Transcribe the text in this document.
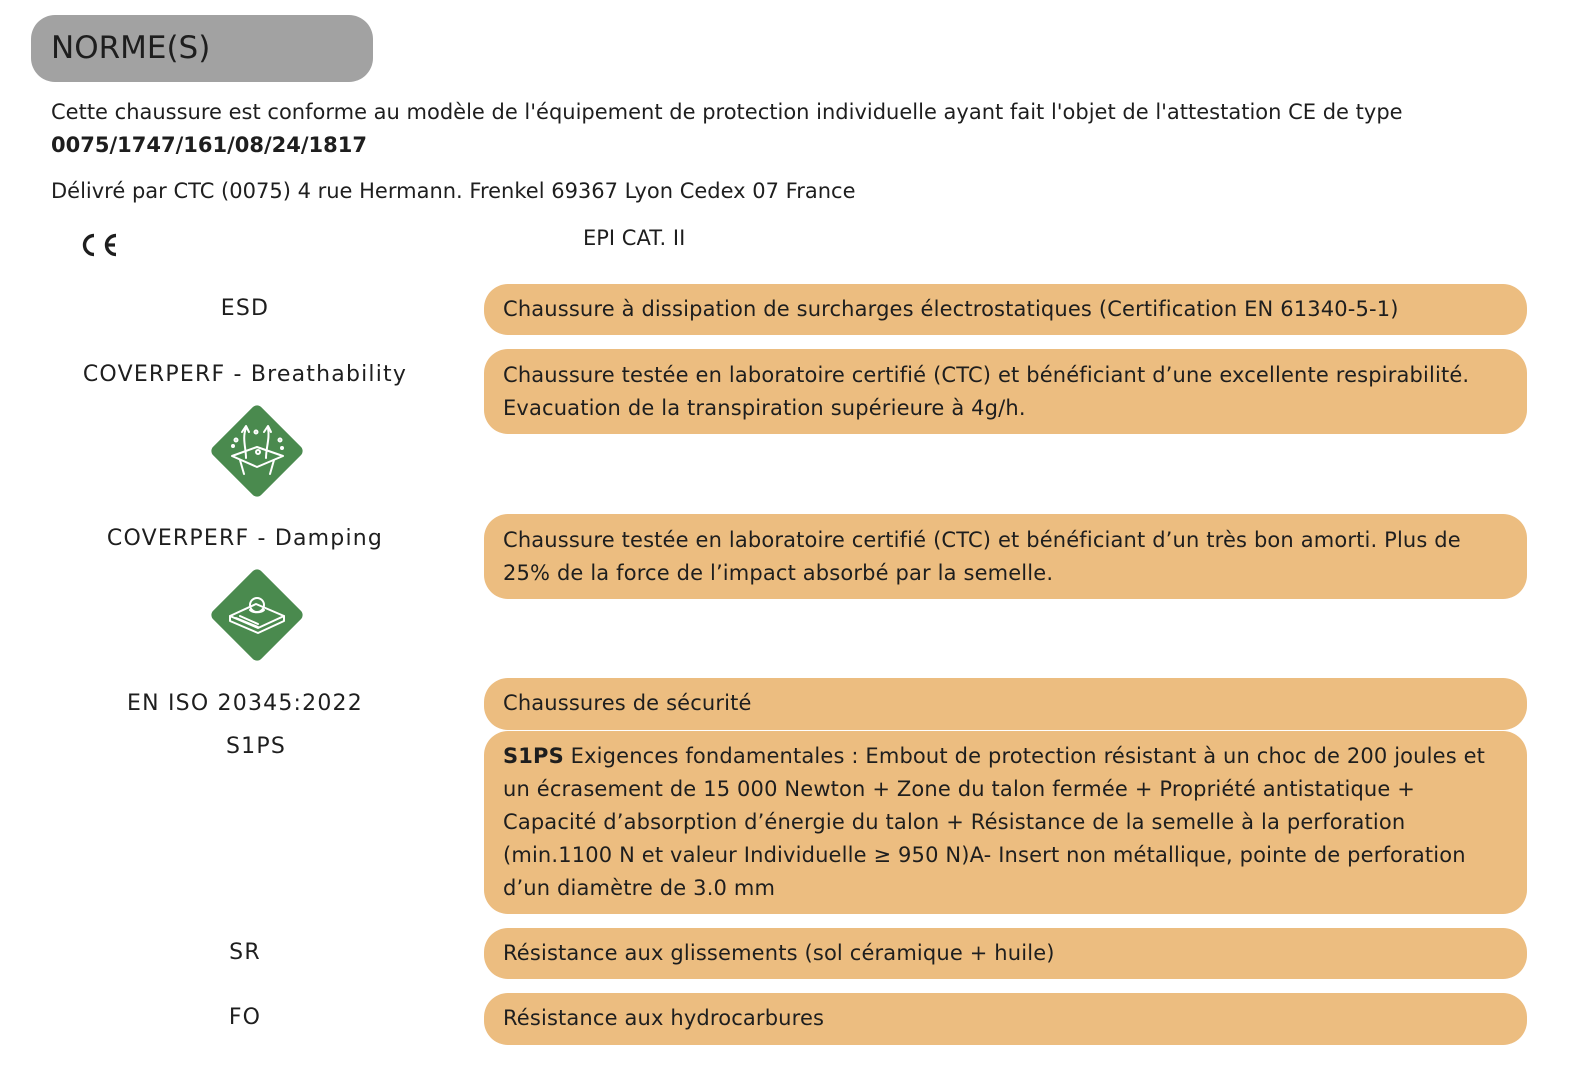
NORME(S)

Cette chaussure est conforme au modèle de l'équipement de protection individuelle ayant fait l'objet de l'attestation CE de type 0075/1747/161/08/24/1817

Délivré par CTC (0075) 4 rue Hermann. Frenkel 69367 Lyon Cedex 07 France

EPI CAT. II
ESD	Chaussure à dissipation de surcharges électrostatiques (Certification EN 61340-5-1)
COVERPERF - Breathability	Chaussure testée en laboratoire certifié (CTC) et bénéficiant d’une excellente respirabilité. Evacuation de la transpiration supérieure à 4g/h.
COVERPERF - Damping	Chaussure testée en laboratoire certifié (CTC) et bénéficiant d’un très bon amorti. Plus de 25% de la force de l’impact absorbé par la semelle.
EN ISO 20345:2022	Chaussures de sécurité
S1PS	S1PS Exigences fondamentales : Embout de protection résistant à un choc de 200 joules et un écrasement de 15 000 Newton + Zone du talon fermée + Propriété antistatique + Capacité d’absorption d’énergie du talon + Résistance de la semelle à la perforation (min.1100 N et valeur Individuelle ≥ 950 N)A- Insert non métallique, pointe de perforation d’un diamètre de 3.0 mm
SR	Résistance aux glissements (sol céramique + huile)
FO	Résistance aux hydrocarbures
